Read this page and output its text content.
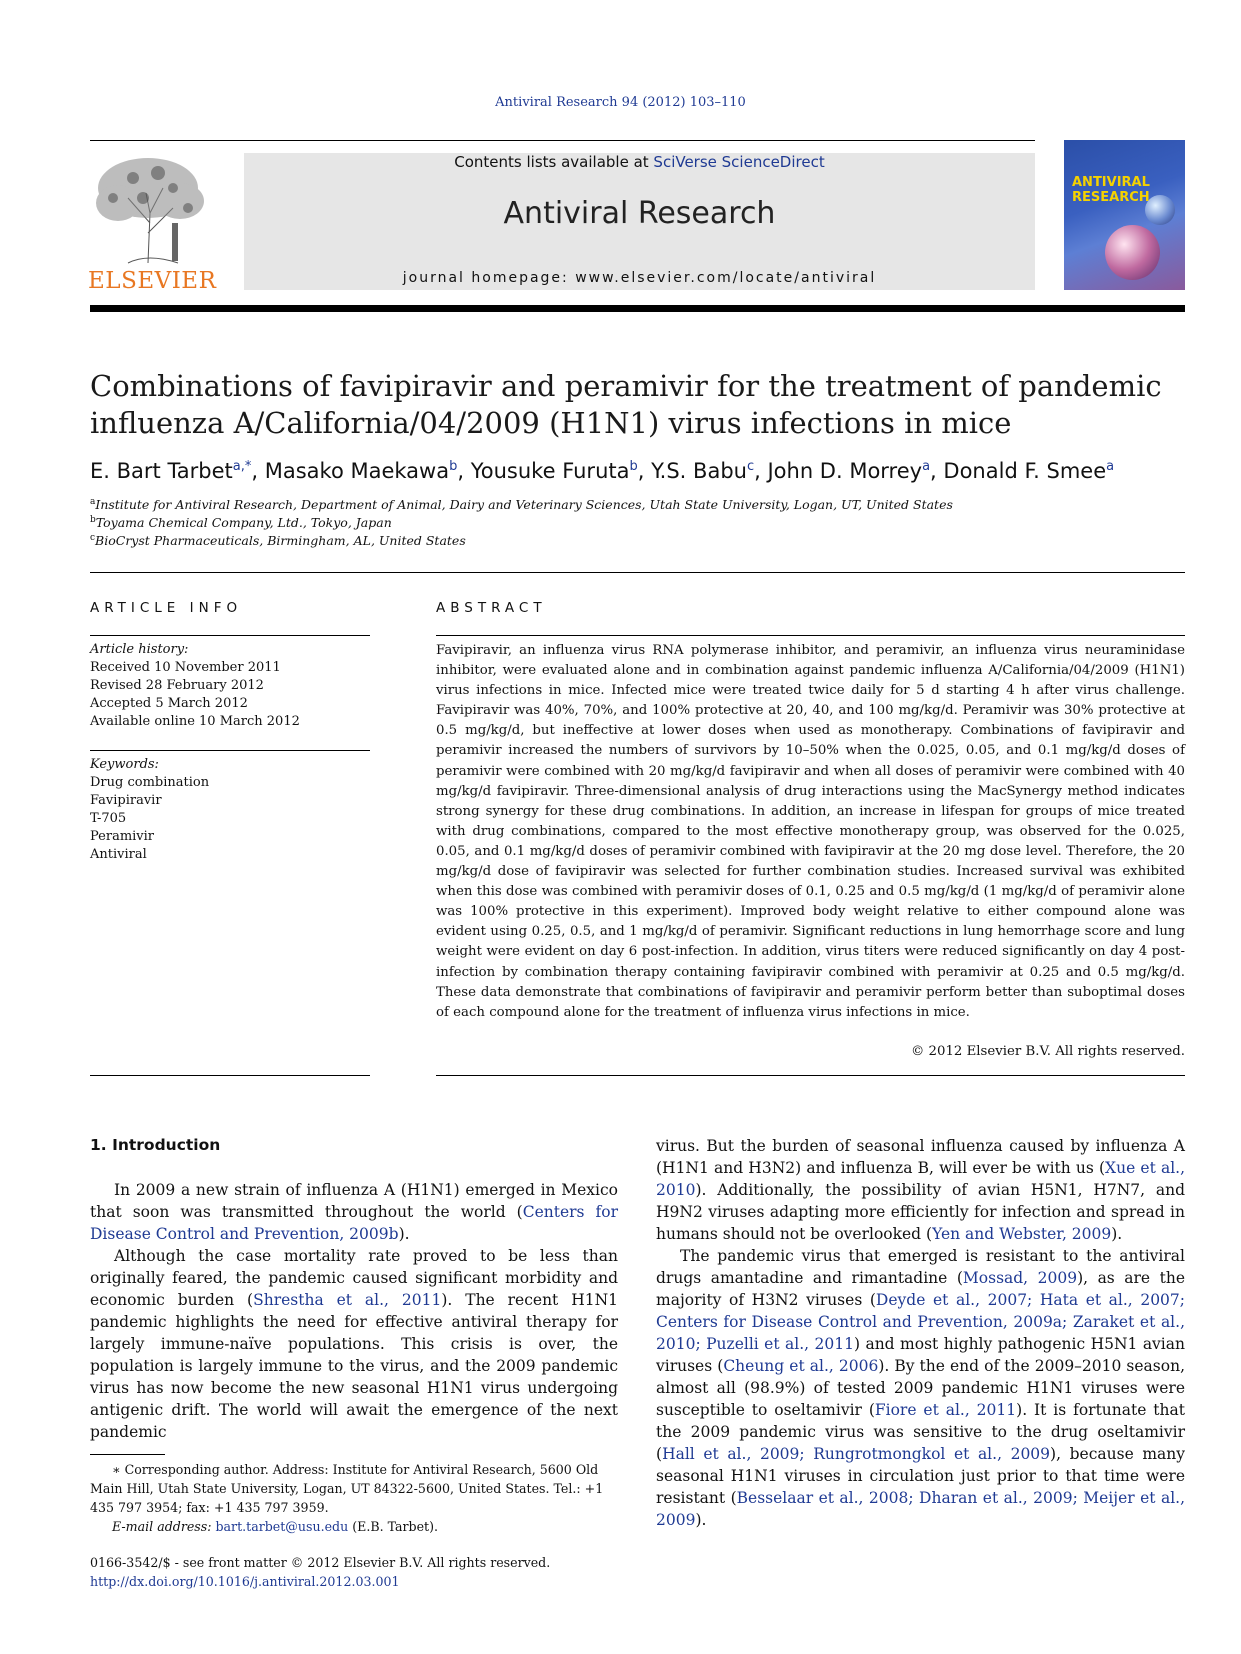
Antiviral Research 94 (2012) 103–110
ELSEVIER
Contents lists available at SciVerse ScienceDirect
Antiviral Research
journal homepage: www.elsevier.com/locate/antiviral
ANTIVIRAL RESEARCH
Combinations of favipiravir and peramivir for the treatment of pandemic influenza A/California/04/2009 (H1N1) virus infections in mice
E. Bart Tarbet$^{a,*}$, Masako Maekawa$^b$, Yousuke Furuta$^b$, Y.S. Babu$^c$, John D. Morrey$^a$, Donald F. Smee$^a$
$^a$Institute for Antiviral Research, Department of Animal, Dairy and Veterinary Sciences, Utah State University, Logan, UT, United States
$^b$Toyama Chemical Company, Ltd., Tokyo, Japan
$^c$BioCryst Pharmaceuticals, Birmingham, AL, United States
ARTICLE INFO
Article history:
Received 10 November 2011
Revised 28 February 2012
Accepted 5 March 2012
Available online 10 March 2012
Keywords:
Drug combination
Favipiravir
T-705
Peramivir
Antiviral
ABSTRACT
Favipiravir, an influenza virus RNA polymerase inhibitor, and peramivir, an influenza virus neuraminidase inhibitor, were evaluated alone and in combination against pandemic influenza A/California/04/2009 (H1N1) virus infections in mice. Infected mice were treated twice daily for 5 d starting 4 h after virus challenge. Favipiravir was 40%, 70%, and 100% protective at 20, 40, and 100 mg/kg/d. Peramivir was 30% protective at 0.5 mg/kg/d, but ineffective at lower doses when used as monotherapy. Combinations of favipiravir and peramivir increased the numbers of survivors by 10–50% when the 0.025, 0.05, and 0.1 mg/kg/d doses of peramivir were combined with 20 mg/kg/d favipiravir and when all doses of peramivir were combined with 40 mg/kg/d favipiravir. Three-dimensional analysis of drug interactions using the MacSynergy method indicates strong synergy for these drug combinations. In addition, an increase in lifespan for groups of mice treated with drug combinations, compared to the most effective monotherapy group, was observed for the 0.025, 0.05, and 0.1 mg/kg/d doses of peramivir combined with favipiravir at the 20 mg dose level. Therefore, the 20 mg/kg/d dose of favipiravir was selected for further combination studies. Increased survival was exhibited when this dose was combined with peramivir doses of 0.1, 0.25 and 0.5 mg/kg/d (1 mg/kg/d of peramivir alone was 100% protective in this experiment). Improved body weight relative to either compound alone was evident using 0.25, 0.5, and 1 mg/kg/d of peramivir. Significant reductions in lung hemorrhage score and lung weight were evident on day 6 post-infection. In addition, virus titers were reduced significantly on day 4 post-infection by combination therapy containing favipiravir combined with peramivir at 0.25 and 0.5 mg/kg/d. These data demonstrate that combinations of favipiravir and peramivir perform better than suboptimal doses of each compound alone for the treatment of influenza virus infections in mice.
© 2012 Elsevier B.V. All rights reserved.
1. Introduction

In 2009 a new strain of influenza A (H1N1) emerged in Mexico that soon was transmitted throughout the world (Centers for Disease Control and Prevention, 2009b).

Although the case mortality rate proved to be less than originally feared, the pandemic caused significant morbidity and economic burden (Shrestha et al., 2011). The recent H1N1 pandemic highlights the need for effective antiviral therapy for largely immune-naïve populations. This crisis is over, the population is largely immune to the virus, and the 2009 pandemic virus has now become the new seasonal H1N1 virus undergoing antigenic drift. The world will await the emergence of the next pandemic

virus. But the burden of seasonal influenza caused by influenza A (H1N1 and H3N2) and influenza B, will ever be with us (Xue et al., 2010). Additionally, the possibility of avian H5N1, H7N7, and H9N2 viruses adapting more efficiently for infection and spread in humans should not be overlooked (Yen and Webster, 2009).

The pandemic virus that emerged is resistant to the antiviral drugs amantadine and rimantadine (Mossad, 2009), as are the majority of H3N2 viruses (Deyde et al., 2007; Hata et al., 2007; Centers for Disease Control and Prevention, 2009a; Zaraket et al., 2010; Puzelli et al., 2011) and most highly pathogenic H5N1 avian viruses (Cheung et al., 2006). By the end of the 2009–2010 season, almost all (98.9%) of tested 2009 pandemic H1N1 viruses were susceptible to oseltamivir (Fiore et al., 2011). It is fortunate that the 2009 pandemic virus was sensitive to the drug oseltamivir (Hall et al., 2009; Rungrotmongkol et al., 2009), because many seasonal H1N1 viruses in circulation just prior to that time were resistant (Besselaar et al., 2008; Dharan et al., 2009; Meijer et al., 2009).

∗ Corresponding author. Address: Institute for Antiviral Research, 5600 Old Main Hill, Utah State University, Logan, UT 84322-5600, United States. Tel.: +1 435 797 3954; fax: +1 435 797 3959.

E-mail address: bart.tarbet@usu.edu (E.B. Tarbet).

0166-3542/$ - see front matter © 2012 Elsevier B.V. All rights reserved.
http://dx.doi.org/10.1016/j.antiviral.2012.03.001
